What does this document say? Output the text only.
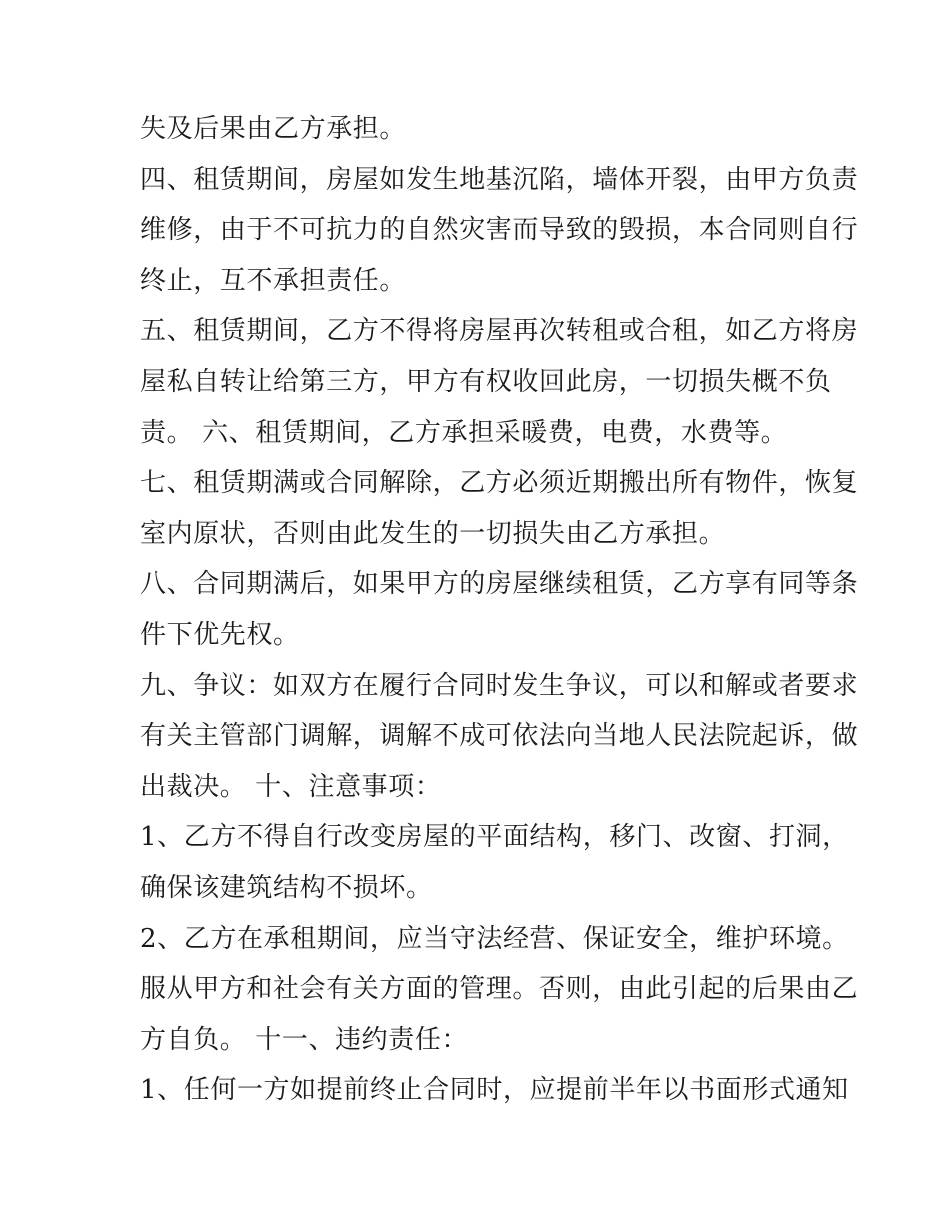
失及后果由乙方承担。
四、租赁期间，房屋如发生地基沉陷，墙体开裂，由甲方负责
维修，由于不可抗力的自然灾害而导致的毁损，本合同则自行
终止，互不承担责任。
五、租赁期间，乙方不得将房屋再次转租或合租，如乙方将房
屋私自转让给第三方，甲方有权收回此房，一切损失概不负
责。 六、租赁期间，乙方承担采暖费，电费，水费等。
七、租赁期满或合同解除，乙方必须近期搬出所有物件，恢复
室内原状，否则由此发生的一切损失由乙方承担。
八、合同期满后，如果甲方的房屋继续租赁，乙方享有同等条
件下优先权。
九、争议：如双方在履行合同时发生争议，可以和解或者要求
有关主管部门调解，调解不成可依法向当地人民法院起诉，做
出裁决。 十、注意事项：
1、乙方不得自行改变房屋的平面结构，移门、改窗、打洞，
确保该建筑结构不损坏。
2、乙方在承租期间，应当守法经营、保证安全，维护环境。
服从甲方和社会有关方面的管理。否则，由此引起的后果由乙
方自负。 十一、违约责任：
1、任何一方如提前终止合同时，应提前半年以书面形式通知
